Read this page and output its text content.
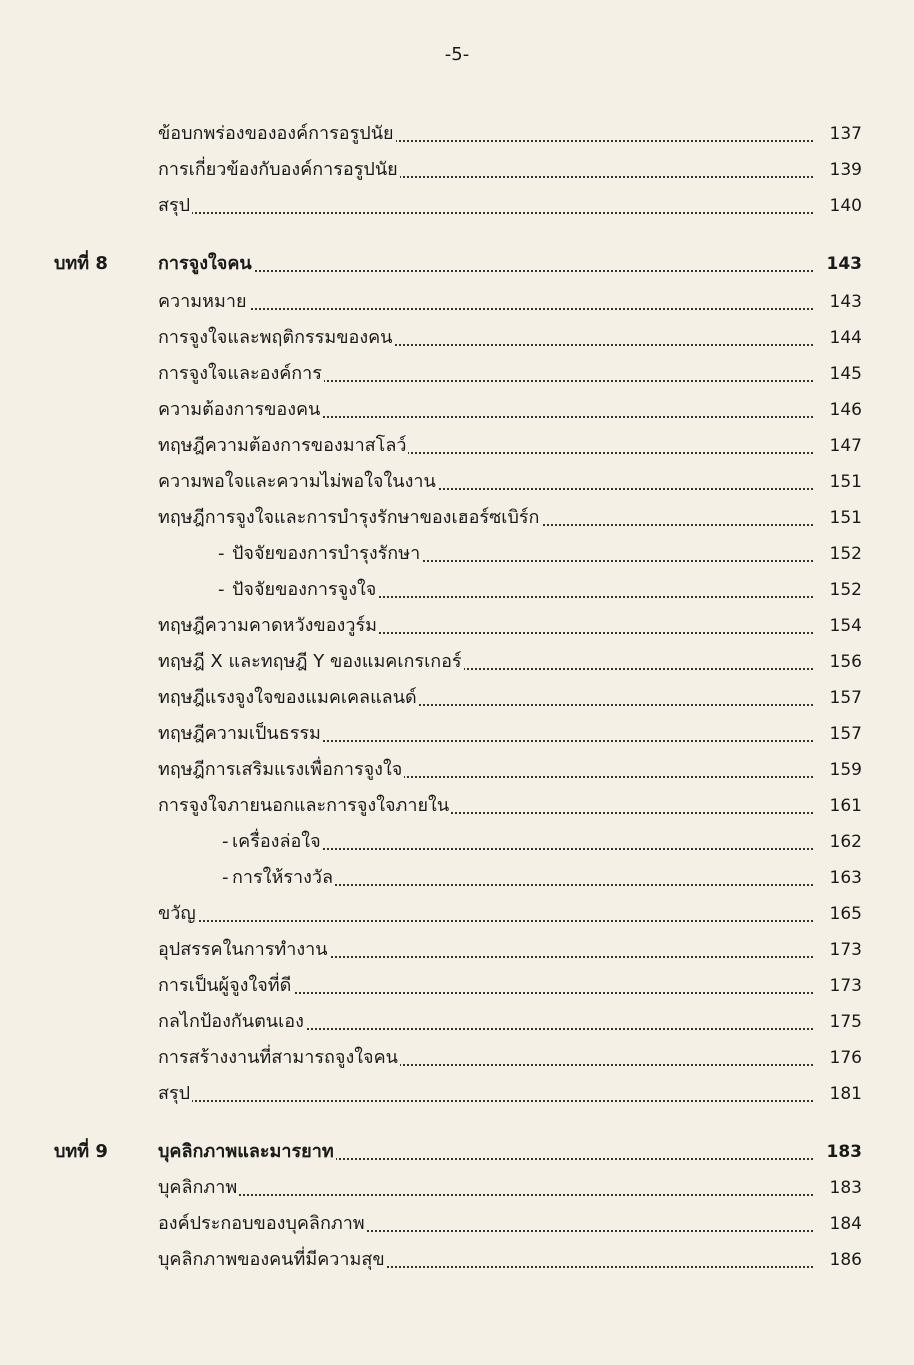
-5-
ข้อบกพร่องขององค์การอรูปนัย	137
การเกี่ยวข้องกับองค์การอรูปนัย	139
สรุป	140
บทที่ 8	การจูงใจคน	143
ความหมาย	143
การจูงใจและพฤติกรรมของคน	144
การจูงใจและองค์การ	145
ความต้องการของคน	146
ทฤษฎีความต้องการของมาสโลว์	147
ความพอใจและความไม่พอใจในงาน	151
ทฤษฎีการจูงใจและการบำรุงรักษาของเฮอร์ซเบิร์ก	151
- ปัจจัยของการบำรุงรักษา	152
- ปัจจัยของการจูงใจ	152
ทฤษฎีความคาดหวังของวูร์ม	154
ทฤษฎี X และทฤษฎี Y ของแมคเกรเกอร์	156
ทฤษฎีแรงจูงใจของแมคเคลแลนด์	157
ทฤษฎีความเป็นธรรม	157
ทฤษฎีการเสริมแรงเพื่อการจูงใจ	159
การจูงใจภายนอกและการจูงใจภายใน	161
- เครื่องล่อใจ	162
- การให้รางวัล	163
ขวัญ	165
อุปสรรคในการทำงาน	173
การเป็นผู้จูงใจที่ดี	173
กลไกป้องกันตนเอง	175
การสร้างงานที่สามารถจูงใจคน	176
สรุป	181
บทที่ 9	บุคลิกภาพและมารยาท	183
บุคลิกภาพ	183
องค์ประกอบของบุคลิกภาพ	184
บุคลิกภาพของคนที่มีความสุข	186
